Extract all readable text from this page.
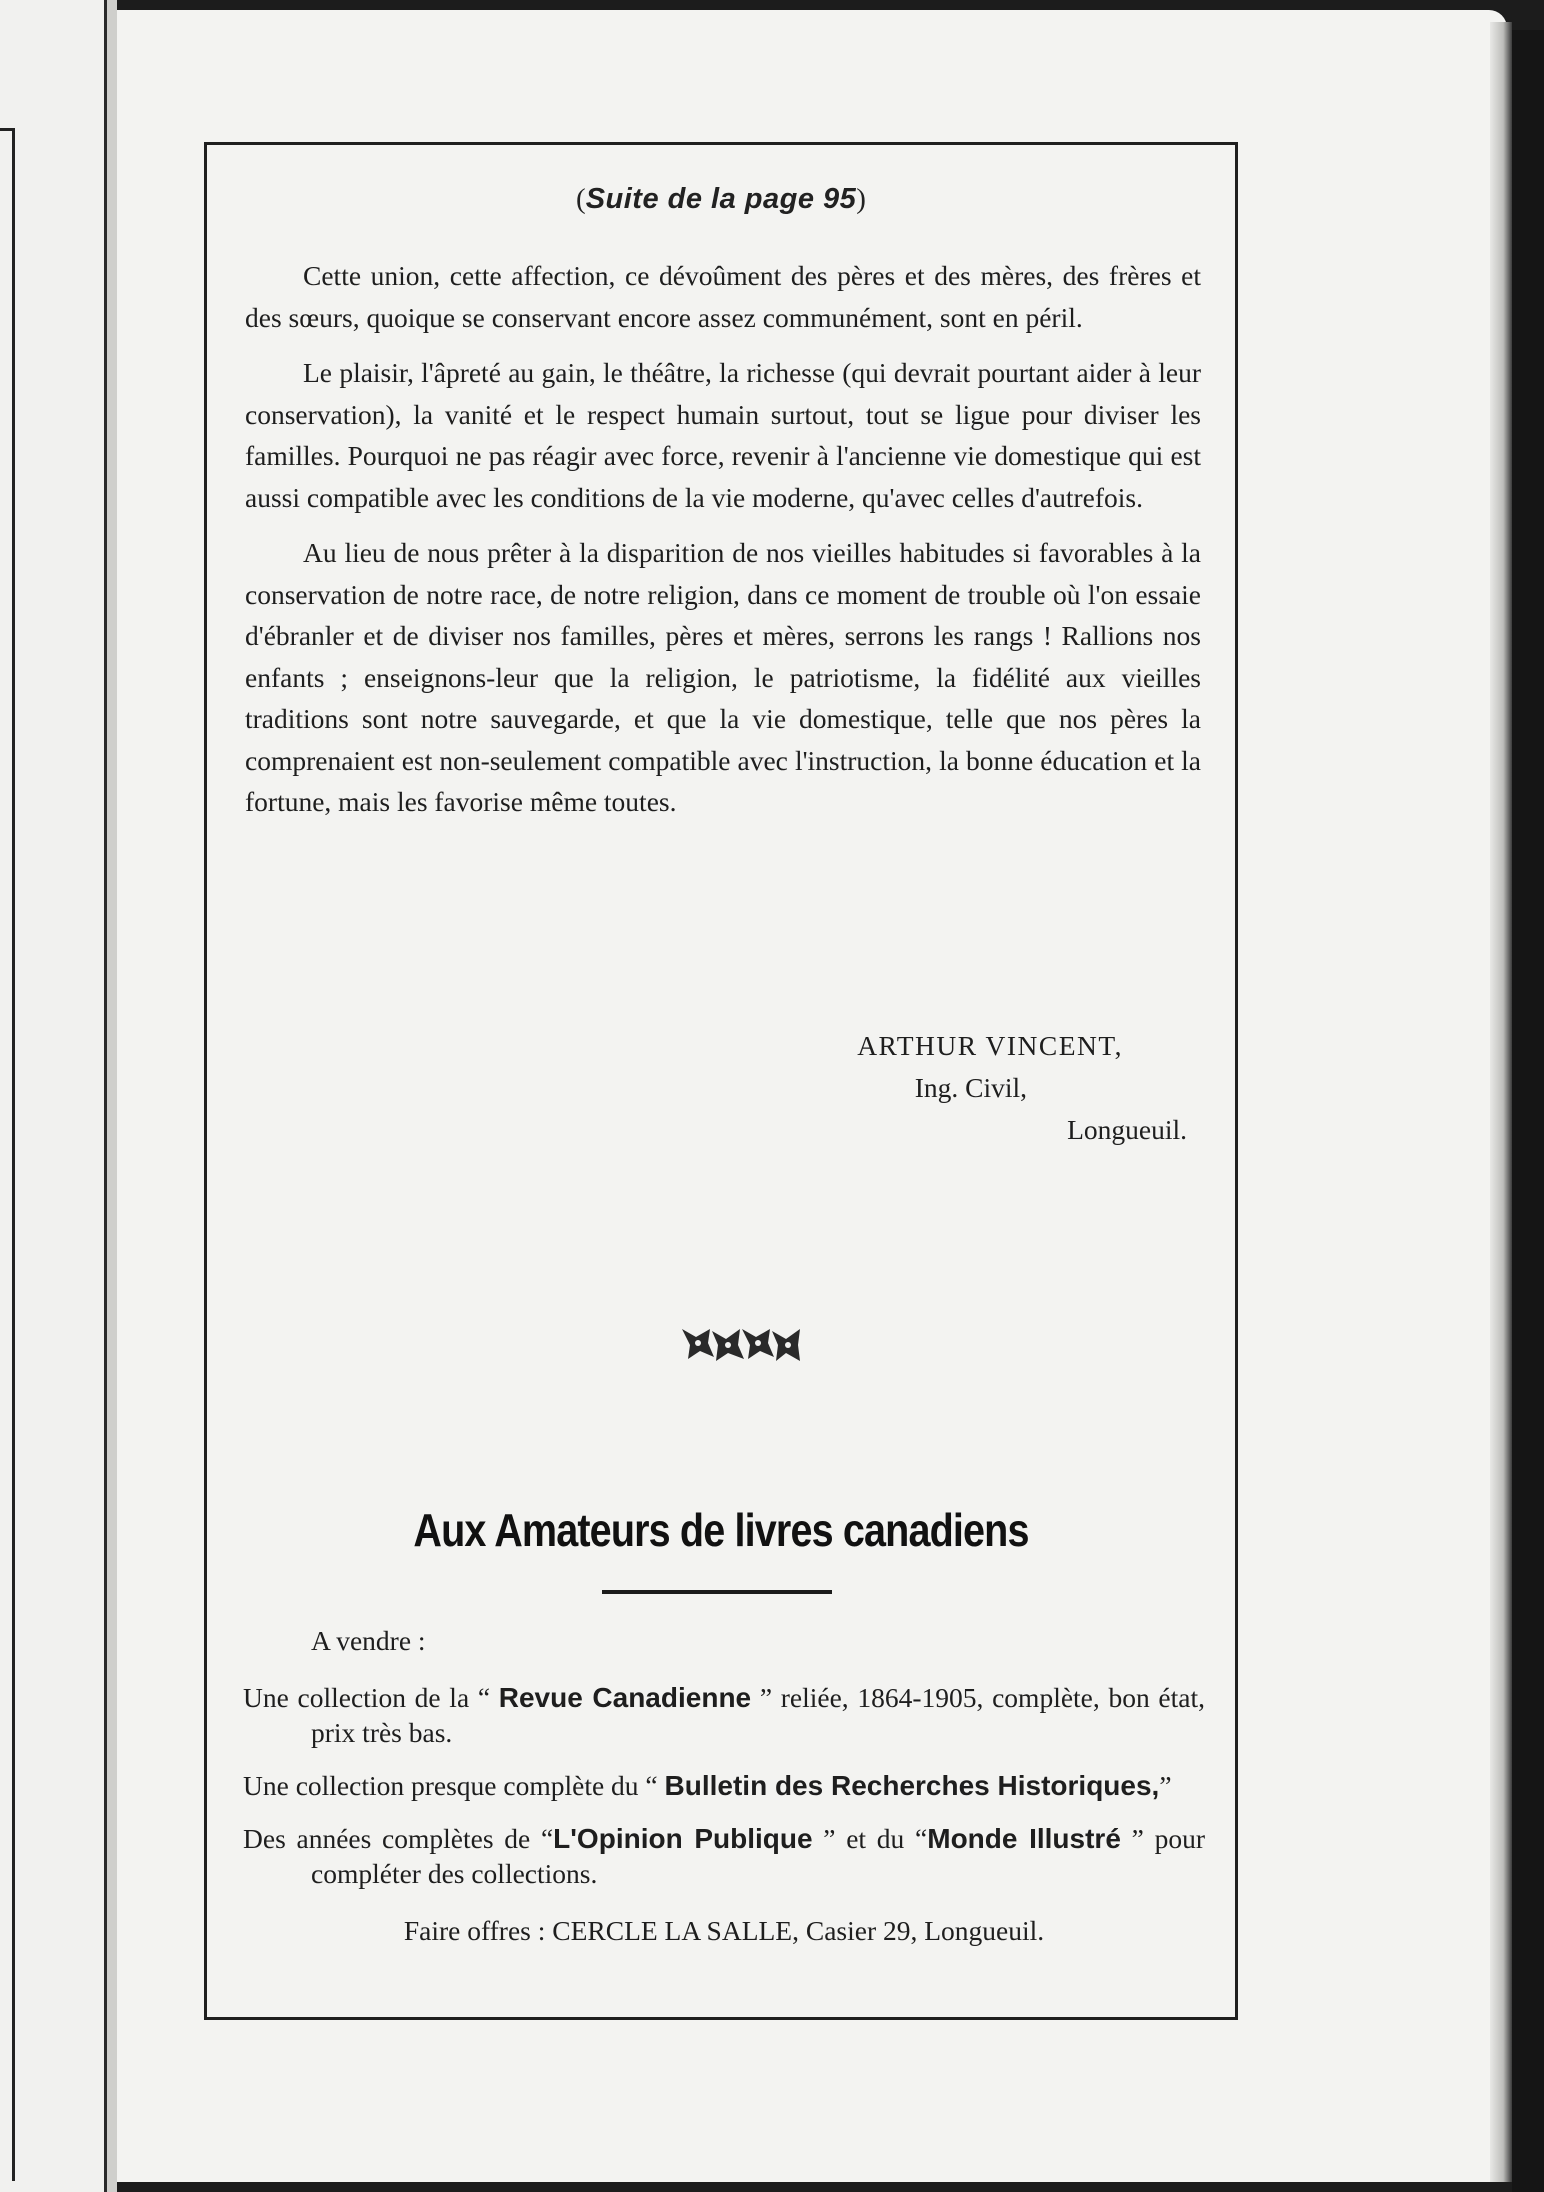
(Suite de la page 95)

Cette union, cette affection, ce dévoûment des pères et des mères, des frères et des sœurs, quoique se conservant encore assez communément, sont en péril.

Le plaisir, l'âpreté au gain, le théâtre, la richesse (qui devrait pourtant aider à leur conservation), la vanité et le respect humain surtout, tout se ligue pour diviser les familles. Pourquoi ne pas réagir avec force, revenir à l'ancienne vie domestique qui est aussi compatible avec les conditions de la vie moderne, qu'avec celles d'autrefois.

Au lieu de nous prêter à la disparition de nos vieilles habitudes si favorables à la conservation de notre race, de notre religion, dans ce moment de trouble où l'on essaie d'ébranler et de diviser nos familles, pères et mères, serrons les rangs ! Rallions nos enfants ; enseignons-leur que la religion, le patriotisme, la fidélité aux vieilles traditions sont notre sauvegarde, et que la vie domestique, telle que nos pères la comprenaient est non-seulement compatible avec l'instruction, la bonne éducation et la fortune, mais les favorise même toutes.

ARTHUR VINCENT,
Ing. Civil,
Longueuil.
Aux Amateurs de livres canadiens
A vendre :
Une collection de la “ Revue Canadienne ” reliée, 1864-1905, complète, bon état, prix très bas.
Une collection presque complète du “ Bulletin des Recherches Historiques,”
Des années complètes de “L'Opinion Publique ” et du “Monde Illustré ” pour compléter des collections.
Faire offres : CERCLE LA SALLE, Casier 29, Longueuil.
